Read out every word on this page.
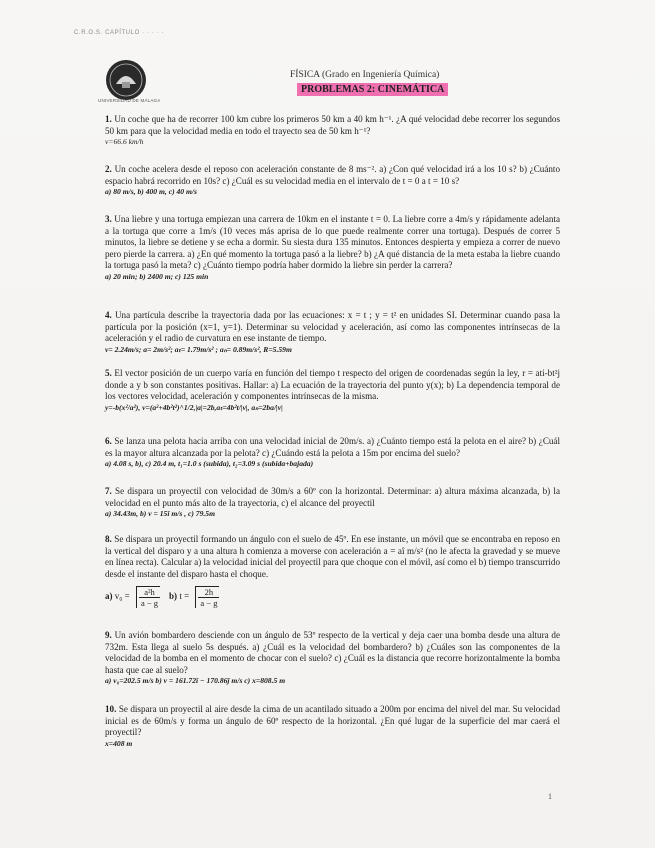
C.R.O.S. CAPÍTULO · · · · ·
UNIVERSIDAD DE MÁLAGA
FÍSICA (Grado en Ingeniería Química)
PROBLEMAS 2: CINEMÁTICA
1. Un coche que ha de recorrer 100 km cubre los primeros 50 km a 40 km h⁻¹. ¿A qué velocidad debe recorrer los segundos 50 km para que la velocidad media en todo el trayecto sea de 50 km h⁻¹?
v=66.6 km/h
2. Un coche acelera desde el reposo con aceleración constante de 8 ms⁻². a) ¿Con qué velocidad irá a los 10 s? b) ¿Cuánto espacio habrá recorrido en 10s? c) ¿Cuál es su velocidad media en el intervalo de t = 0 a t = 10 s?
a) 80 m/s, b) 400 m, c) 40 m/s
3. Una liebre y una tortuga empiezan una carrera de 10km en el instante t = 0. La liebre corre a 4m/s y rápidamente adelanta a la tortuga que corre a 1m/s (10 veces más aprisa de lo que puede realmente correr una tortuga). Después de correr 5 minutos, la liebre se detiene y se echa a dormir. Su siesta dura 135 minutos. Entonces despierta y empieza a correr de nuevo pero pierde la carrera. a) ¿En qué momento la tortuga pasó a la liebre? b) ¿A qué distancia de la meta estaba la liebre cuando la tortuga pasó la meta? c) ¿Cuánto tiempo podría haber dormido la liebre sin perder la carrera?
a) 20 min; b) 2400 m; c) 125 min
4. Una partícula describe la trayectoria dada por las ecuaciones: x = t ; y = t² en unidades SI. Determinar cuando pasa la partícula por la posición (x=1, y=1). Determinar su velocidad y aceleración, así como las componentes intrínsecas de la aceleración y el radio de curvatura en ese instante de tiempo.
v= 2.24m/s; a= 2m/s²; aₜ= 1.79m/s² ; aₙ= 0.89m/s², R=5.59m
5. El vector posición de un cuerpo varía en función del tiempo t respecto del origen de coordenadas según la ley, r = ati-bt²j donde a y b son constantes positivas. Hallar: a) La ecuación de la trayectoria del punto y(x); b) La dependencia temporal de los vectores velocidad, aceleración y componentes intrínsecas de la misma.
y=-b(x²/a²), v=(a²+4b²t²)^1/2,|a|=2b,aₜ=4b²t/|v|, aₙ=2ba/|v|
6. Se lanza una pelota hacia arriba con una velocidad inicial de 20m/s. a) ¿Cuánto tiempo está la pelota en el aire? b) ¿Cuál es la mayor altura alcanzada por la pelota? c) ¿Cuándo está la pelota a 15m por encima del suelo?
a) 4.08 s, b), c) 20.4 m, t₁=1.0 s (subida), t₂=3.09 s (subida+bajada)
7. Se dispara un proyectil con velocidad de 30m/s a 60º con la horizontal. Determinar: a) altura máxima alcanzada, b) la velocidad en el punto más alto de la trayectoria, c) el alcance del proyectil
a) 34.43m, b) v = 15î m/s , c) 79.5m
8. Se dispara un proyectil formando un ángulo con el suelo de 45º. En ese instante, un móvil que se encontraba en reposo en la vertical del disparo y a una altura h comienza a moverse con aceleración a = aî m/s² (no le afecta la gravedad y se mueve en línea recta). Calcular a) la velocidad inicial del proyectil para que choque con el móvil, así como el b) tiempo transcurrido desde el instante del disparo hasta el choque.
a) $v_0 = \frac{\text{a²h}}{a - g} b$) $t = \frac{2h}{a - g}$
9. Un avión bombardero desciende con un ángulo de 53º respecto de la vertical y deja caer una bomba desde una altura de 732m. Esta llega al suelo 5s después. a) ¿Cuál es la velocidad del bombardero? b) ¿Cuáles son las componentes de la velocidad de la bomba en el momento de chocar con el suelo? c) ¿Cuál es la distancia que recorre horizontalmente la bomba hasta que cae al suelo?
a) v₀=202.5 m/s b) v = 161.72î − 170.86ĵ m/s c) x=808.5 m
10. Se dispara un proyectil al aire desde la cima de un acantilado situado a 200m por encima del nivel del mar. Su velocidad inicial es de 60m/s y forma un ángulo de 60º respecto de la horizontal. ¿En qué lugar de la superficie del mar caerá el proyectil?
x=408 m
1
